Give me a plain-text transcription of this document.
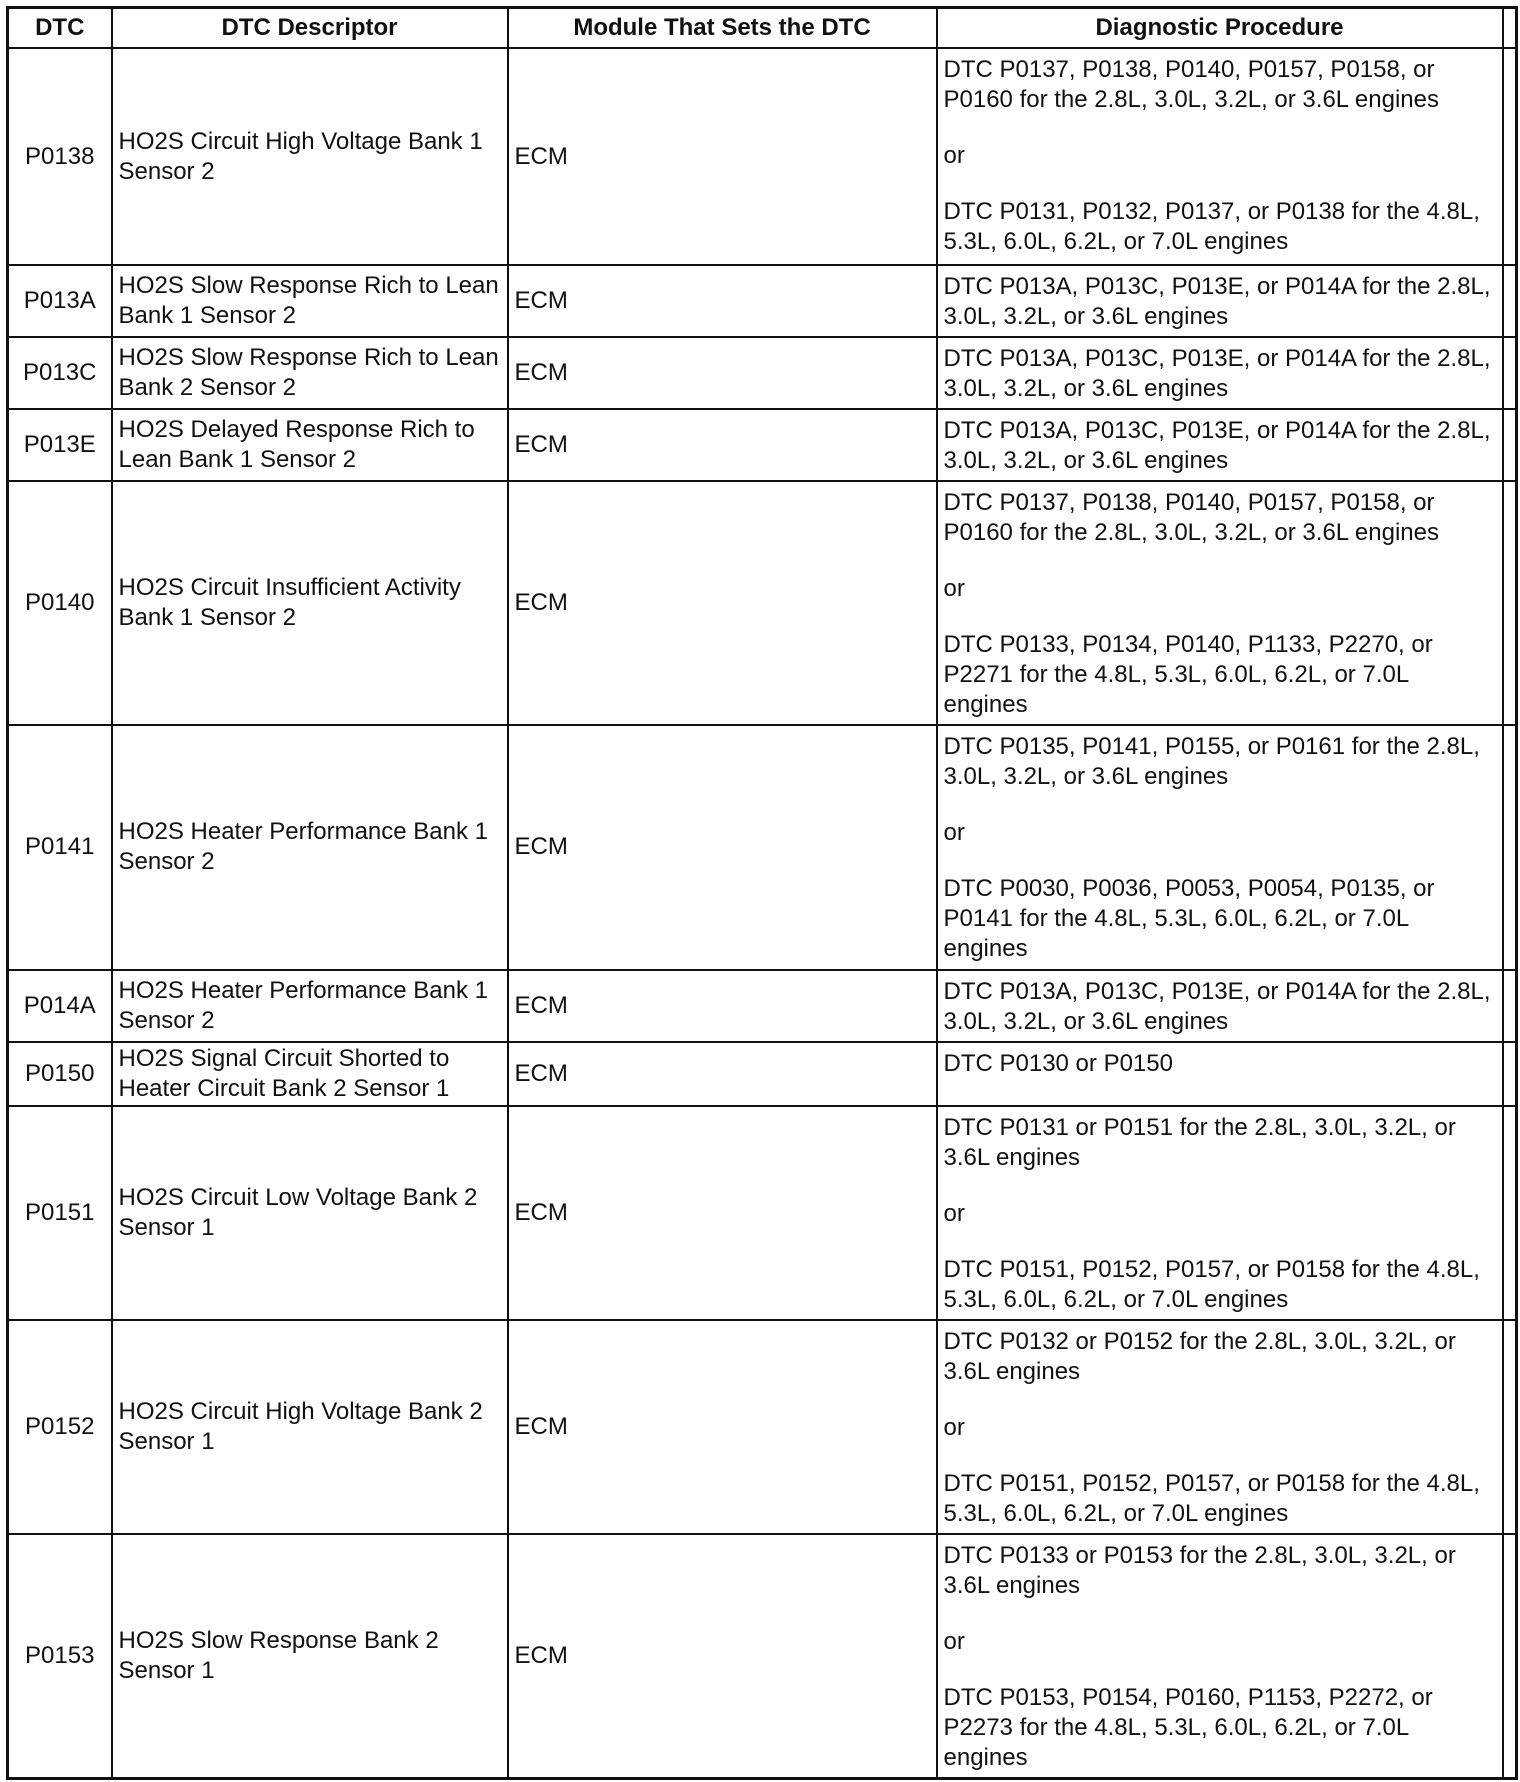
DTC	DTC Descriptor	Module That Sets the DTC	Diagnostic Procedure	
P0138	HO2S Circuit High Voltage Bank 1 Sensor 2	ECM	DTC P0137, P0138, P0140, P0157, P0158, or P0160 for the 2.8L, 3.0L, 3.2L, or 3.6L engines
or
DTC P0131, P0132, P0137, or P0138 for the 4.8L, 5.3L, 6.0L, 6.2L, or 7.0L engines	

P013A	HO2S Slow Response Rich to Lean Bank 1 Sensor 2	ECM	DTC P013A, P013C, P013E, or P014A for the 2.8L, 3.0L, 3.2L, or 3.6L engines	

P013C	HO2S Slow Response Rich to Lean Bank 2 Sensor 2	ECM	DTC P013A, P013C, P013E, or P014A for the 2.8L, 3.0L, 3.2L, or 3.6L engines	

P013E	HO2S Delayed Response Rich to Lean Bank 1 Sensor 2	ECM	DTC P013A, P013C, P013E, or P014A for the 2.8L, 3.0L, 3.2L, or 3.6L engines	

P0140	HO2S Circuit Insufficient Activity Bank 1 Sensor 2	ECM	DTC P0137, P0138, P0140, P0157, P0158, or P0160 for the 2.8L, 3.0L, 3.2L, or 3.6L engines
or
DTC P0133, P0134, P0140, P1133, P2270, or P2271 for the 4.8L, 5.3L, 6.0L, 6.2L, or 7.0L engines	

P0141	HO2S Heater Performance Bank 1 Sensor 2	ECM	DTC P0135, P0141, P0155, or P0161 for the 2.8L, 3.0L, 3.2L, or 3.6L engines
or
DTC P0030, P0036, P0053, P0054, P0135, or P0141 for the 4.8L, 5.3L, 6.0L, 6.2L, or 7.0L engines	

P014A	HO2S Heater Performance Bank 1 Sensor 2	ECM	DTC P013A, P013C, P013E, or P014A for the 2.8L, 3.0L, 3.2L, or 3.6L engines	

P0150	HO2S Signal Circuit Shorted to Heater Circuit Bank 2 Sensor 1	ECM	DTC P0130 or P0150	

P0151	HO2S Circuit Low Voltage Bank 2 Sensor 1	ECM	DTC P0131 or P0151 for the 2.8L, 3.0L, 3.2L, or 3.6L engines
or
DTC P0151, P0152, P0157, or P0158 for the 4.8L, 5.3L, 6.0L, 6.2L, or 7.0L engines	

P0152	HO2S Circuit High Voltage Bank 2 Sensor 1	ECM	DTC P0132 or P0152 for the 2.8L, 3.0L, 3.2L, or 3.6L engines
or
DTC P0151, P0152, P0157, or P0158 for the 4.8L, 5.3L, 6.0L, 6.2L, or 7.0L engines	

P0153	HO2S Slow Response Bank 2 Sensor 1	ECM	DTC P0133 or P0153 for the 2.8L, 3.0L, 3.2L, or 3.6L engines
or
DTC P0153, P0154, P0160, P1153, P2272, or P2273 for the 4.8L, 5.3L, 6.0L, 6.2L, or 7.0L engines	
